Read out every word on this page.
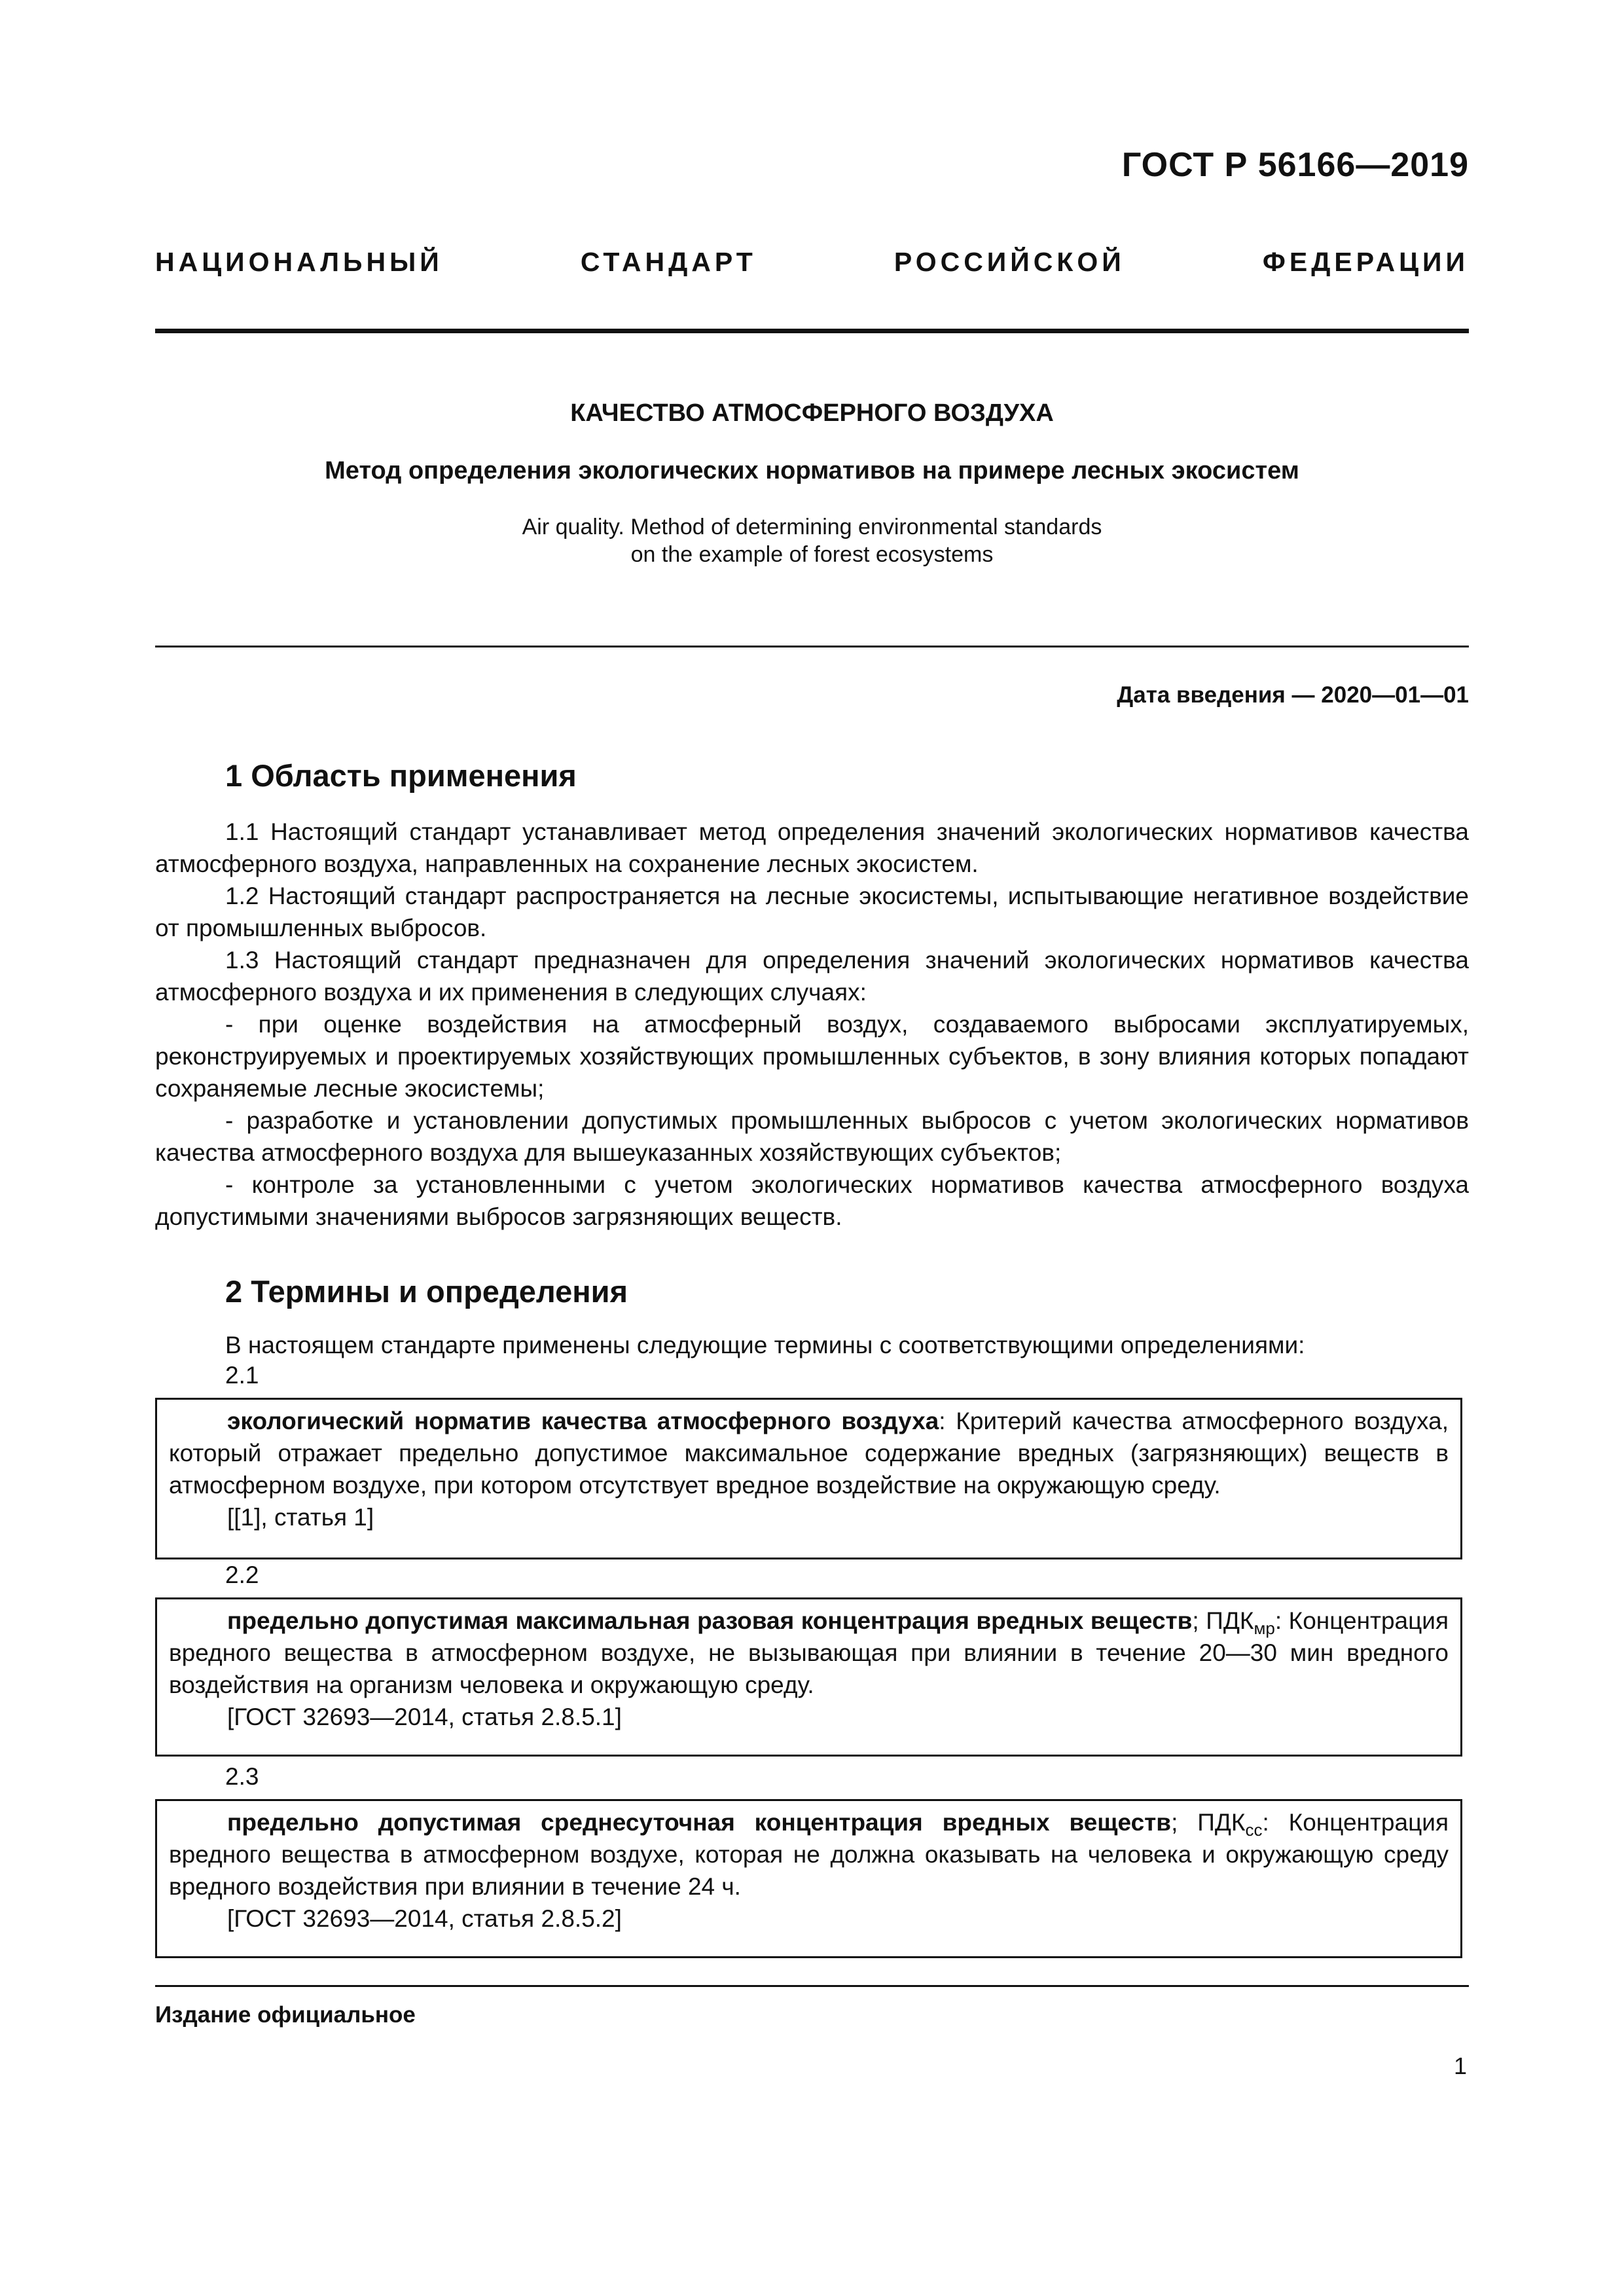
ГОСТ Р 56166—2019
НАЦИОНАЛЬНЫЙ СТАНДАРТ РОССИЙСКОЙ ФЕДЕРАЦИИ
КАЧЕСТВО АТМОСФЕРНОГО ВОЗДУХА
Метод определения экологических нормативов на примере лесных экосистем
Air quality. Method of determining environmental standards
on the example of forest ecosystems
Дата введения — 2020—01—01
1 Область применения

1.1 Настоящий стандарт устанавливает метод определения значений экологических нормативов качества атмосферного воздуха, направленных на сохранение лесных экосистем.

1.2 Настоящий стандарт распространяется на лесные экосистемы, испытывающие негативное воздействие от промышленных выбросов.

1.3 Настоящий стандарт предназначен для определения значений экологических нормативов качества атмосферного воздуха и их применения в следующих случаях:

- при оценке воздействия на атмосферный воздух, создаваемого выбросами эксплуатируемых, реконструируемых и проектируемых хозяйствующих промышленных субъектов, в зону влияния которых попадают сохраняемые лесные экосистемы;

- разработке и установлении допустимых промышленных выбросов с учетом экологических нормативов качества атмосферного воздуха для вышеуказанных хозяйствующих субъектов;

- контроле за установленными с учетом экологических нормативов качества атмосферного воздуха допустимыми значениями выбросов загрязняющих веществ.

2 Термины и определения

В настоящем стандарте применены следующие термины с соответствующими определениями:

2.1

экологический норматив качества атмосферного воздуха: Критерий качества атмосферного воздуха, который отражает предельно допустимое максимальное содержание вредных (загрязняющих) веществ в атмосферном воздухе, при котором отсутствует вредное воздействие на окружающую среду.

[[1], статья 1]

2.2

предельно допустимая максимальная разовая концентрация вредных веществ; $ПДК_{мр}$: Концентрация вредного вещества в атмосферном воздухе, не вызывающая при влиянии в течение 20—30 мин вредного воздействия на организм человека и окружающую среду.

[ГОСТ 32693—2014, статья 2.8.5.1]

2.3

предельно допустимая среднесуточная концентрация вредных веществ; $ПДК_{сс}$: Концентрация вредного вещества в атмосферном воздухе, которая не должна оказывать на человека и окружающую среду вредного воздействия при влиянии в течение 24 ч.

[ГОСТ 32693—2014, статья 2.8.5.2]

Издание официальное
1
